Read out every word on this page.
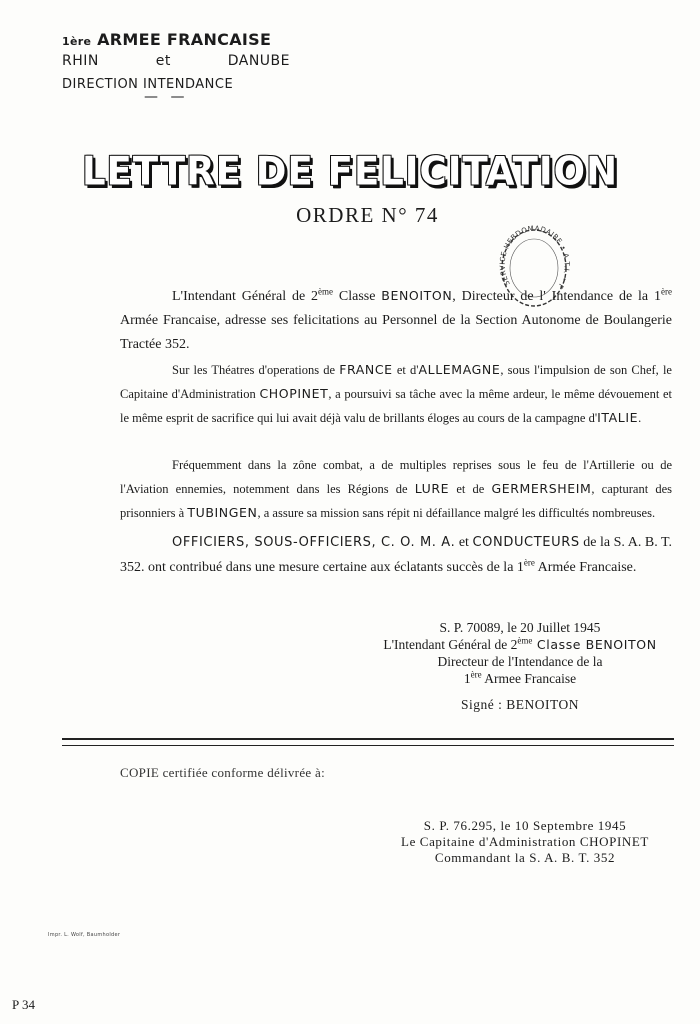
1ère ARMEE FRANCAISE
RHIN	et	DANUBE
DIRECTION INTENDANCE
— —
LETTRE DE FELICITATION
ORDRE N° 74
SERVICE HEBDOMADAIRE • A.T.I. • F

L'Intendant Général de 2ème Classe BENOITON, Directeur de l' Intendance de la 1ère Armée Francaise, adresse ses felicitations au Personnel de la Section Autonome de Boulangerie Tractée 352.

Sur les Théatres d'operations de FRANCE et d'ALLEMAGNE, sous l'impulsion de son Chef, le Capitaine d'Administration CHOPINET, a poursuivi sa tâche avec la même ardeur, le même dévouement et le même esprit de sacrifice qui lui avait déjà valu de brillants éloges au cours de la campagne d'ITALIE.

Fréquemment dans la zône combat, a de multiples reprises sous le feu de l'Artillerie ou de l'Aviation ennemies, notemment dans les Régions de LURE et de GERMERSHEIM, capturant des prisonniers à TUBINGEN, a assure sa mission sans répit ni défaillance malgré les difficultés nombreuses.

OFFICIERS, SOUS-OFFICIERS, C. O. M. A. et CONDUCTEURS de la S. A. B. T. 352. ont contribué dans une mesure certaine aux éclatants succès de la 1ère Armée Francaise.

S. P. 70089, le 20 Juillet 1945
L'Intendant Général de 2ème Classe BENOITON
Directeur de l'Intendance de la
1ère Armee Francaise
Signé : BENOITON
COPIE certifiée conforme délivrée à:
S. P. 76.295, le 10 Septembre 1945
Le Capitaine d'Administration CHOPINET
Commandant la S. A. B. T. 352
Impr. L. Wolf, Baumholder
P 34
